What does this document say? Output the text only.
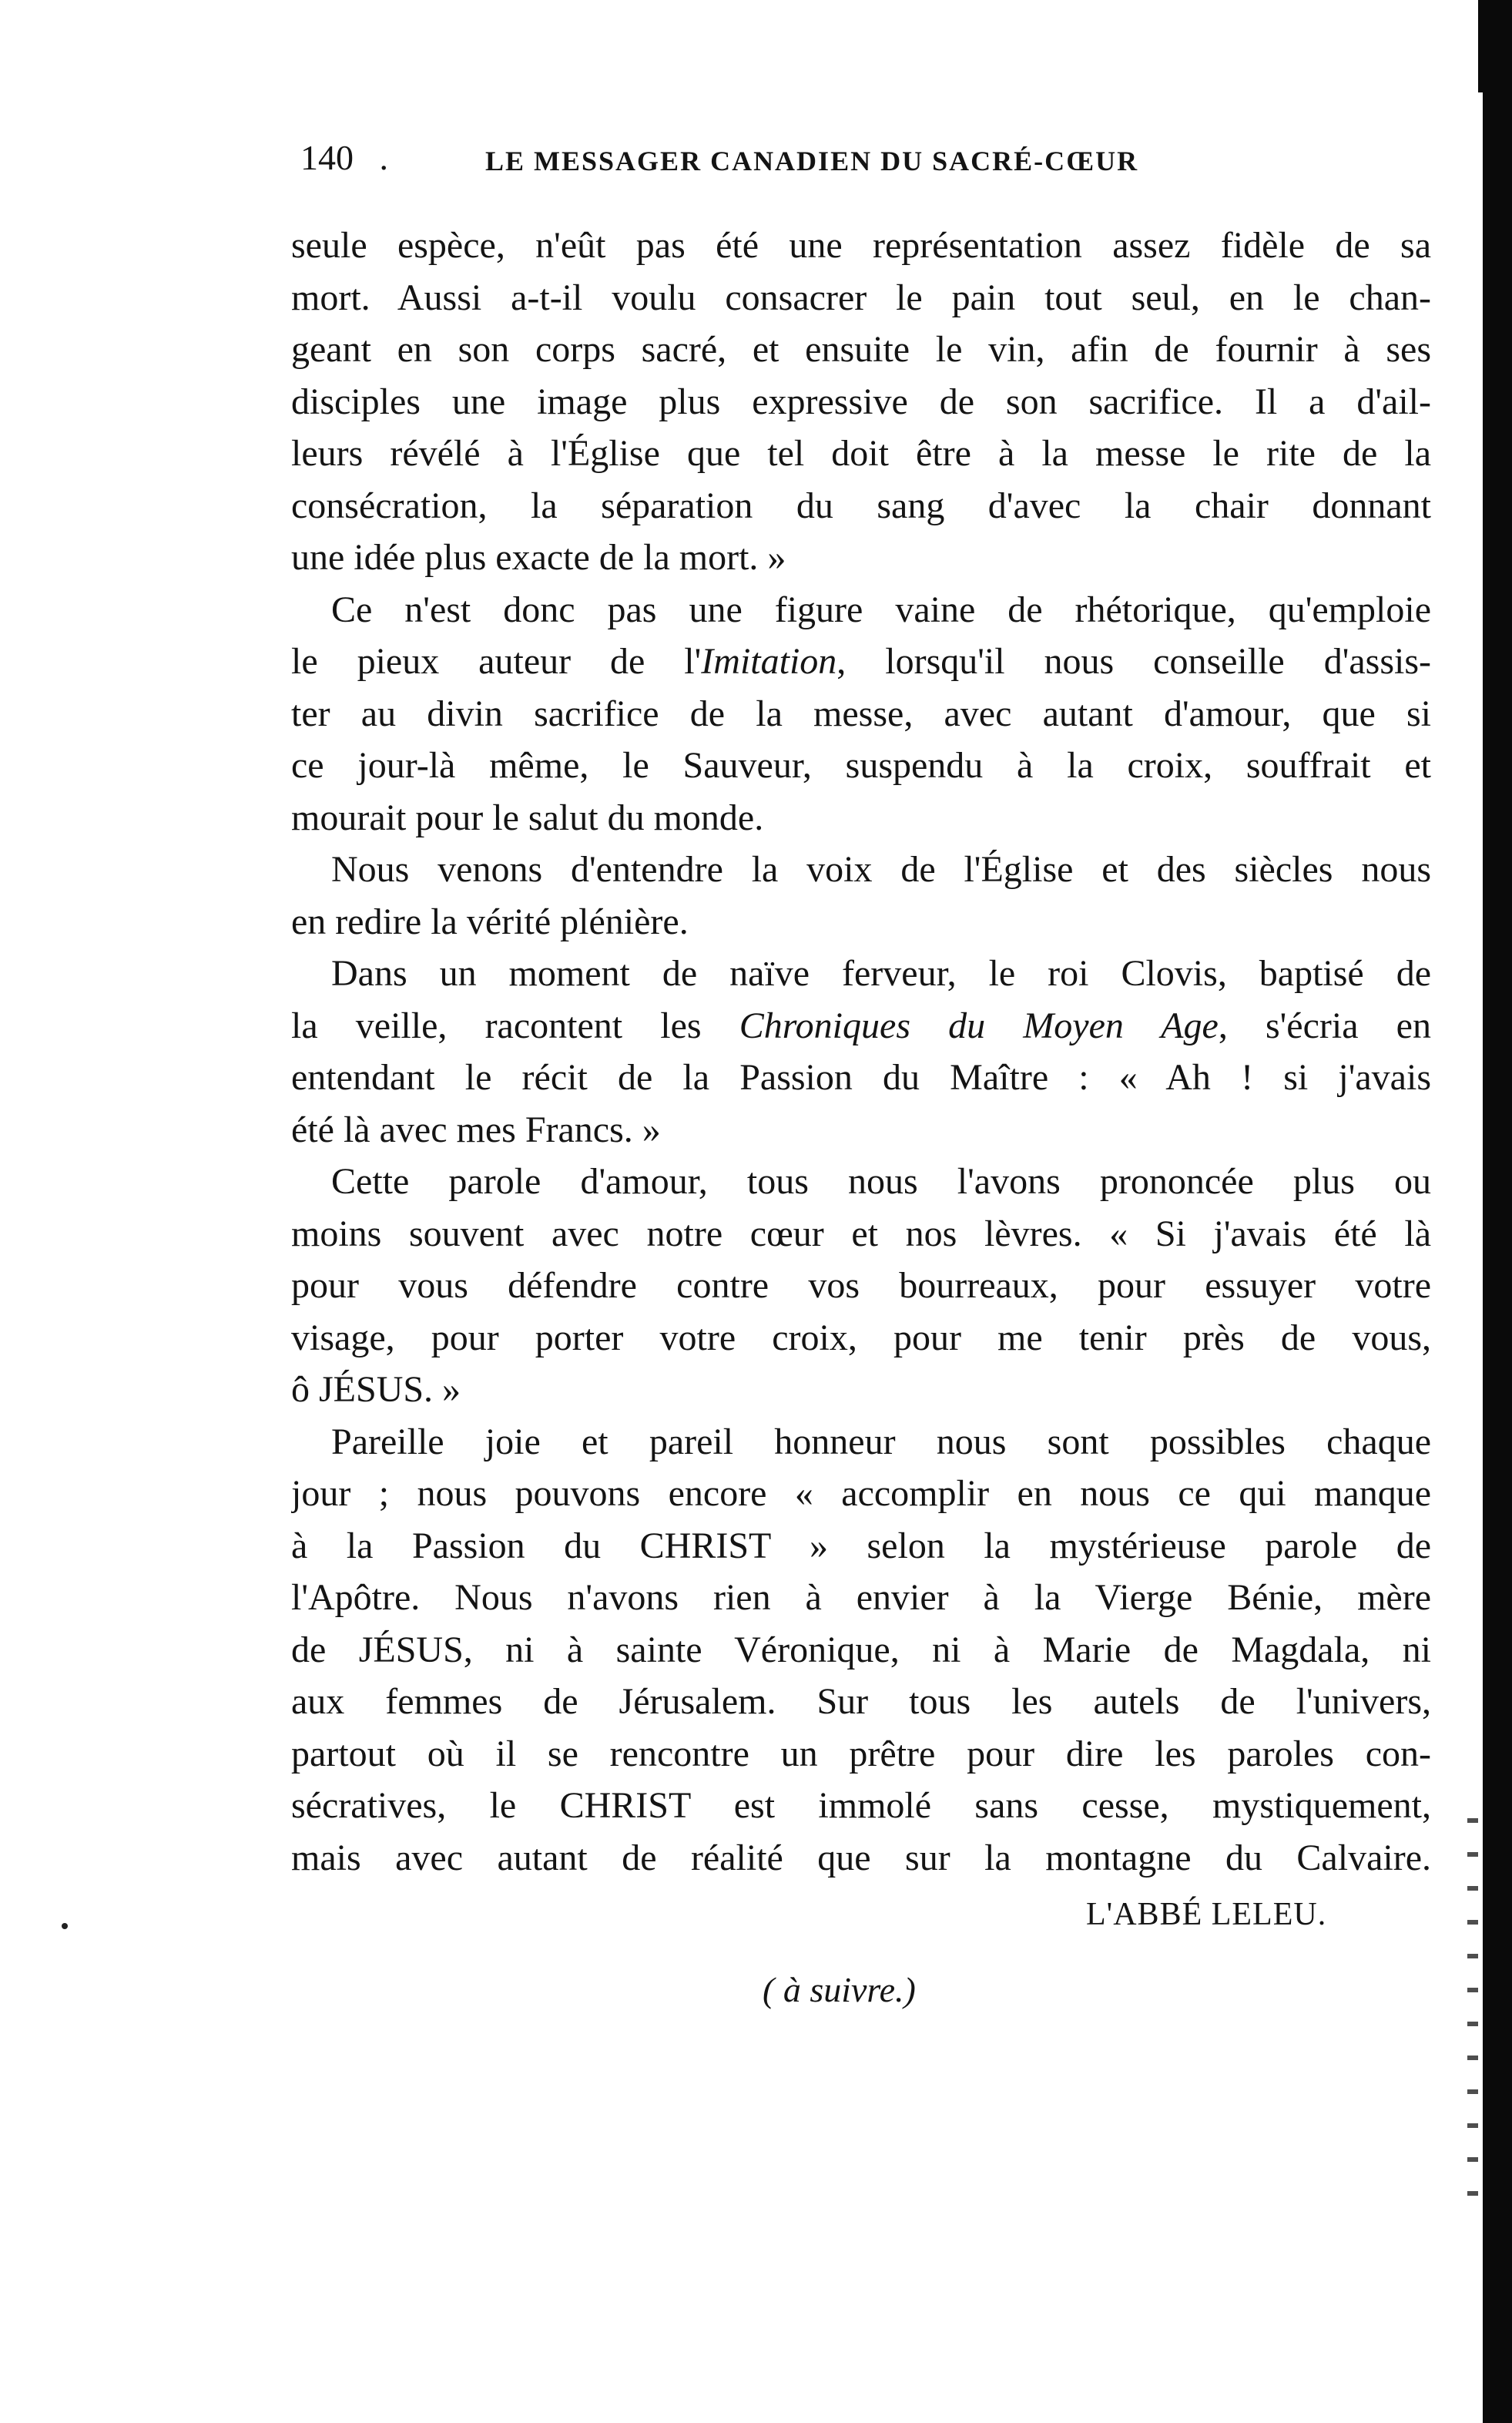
140 .	LE MESSAGER CANADIEN DU SACRÉ-CŒUR
seule espèce, n'eût pas été une représentation assez fidèle de sa
mort. Aussi a-t-il voulu consacrer le pain tout seul, en le chan-
geant en son corps sacré, et ensuite le vin, afin de fournir à ses
disciples une image plus expressive de son sacrifice. Il a d'ail-
leurs révélé à l'Église que tel doit être à la messe le rite de la
consécration, la séparation du sang d'avec la chair donnant
une idée plus exacte de la mort. »
Ce n'est donc pas une figure vaine de rhétorique, qu'emploie
le pieux auteur de l'Imitation, lorsqu'il nous conseille d'assis-
ter au divin sacrifice de la messe, avec autant d'amour, que si
ce jour-là même, le Sauveur, suspendu à la croix, souffrait et
mourait pour le salut du monde.
Nous venons d'entendre la voix de l'Église et des siècles nous
en redire la vérité plénière.
Dans un moment de naïve ferveur, le roi Clovis, baptisé de
la veille, racontent les Chroniques du Moyen Age, s'écria en
entendant le récit de la Passion du Maître : « Ah ! si j'avais
été là avec mes Francs. »
Cette parole d'amour, tous nous l'avons prononcée plus ou
moins souvent avec notre cœur et nos lèvres. « Si j'avais été là
pour vous défendre contre vos bourreaux, pour essuyer votre
visage, pour porter votre croix, pour me tenir près de vous,
ô JÉSUS. »
Pareille joie et pareil honneur nous sont possibles chaque
jour ; nous pouvons encore « accomplir en nous ce qui manque
à la Passion du CHRIST » selon la mystérieuse parole de
l'Apôtre. Nous n'avons rien à envier à la Vierge Bénie, mère
de JÉSUS, ni à sainte Véronique, ni à Marie de Magdala, ni
aux femmes de Jérusalem. Sur tous les autels de l'univers,
partout où il se rencontre un prêtre pour dire les paroles con-
sécratives, le CHRIST est immolé sans cesse, mystiquement,
mais avec autant de réalité que sur la montagne du Calvaire.
L'ABBÉ LELEU.
( à suivre.)
